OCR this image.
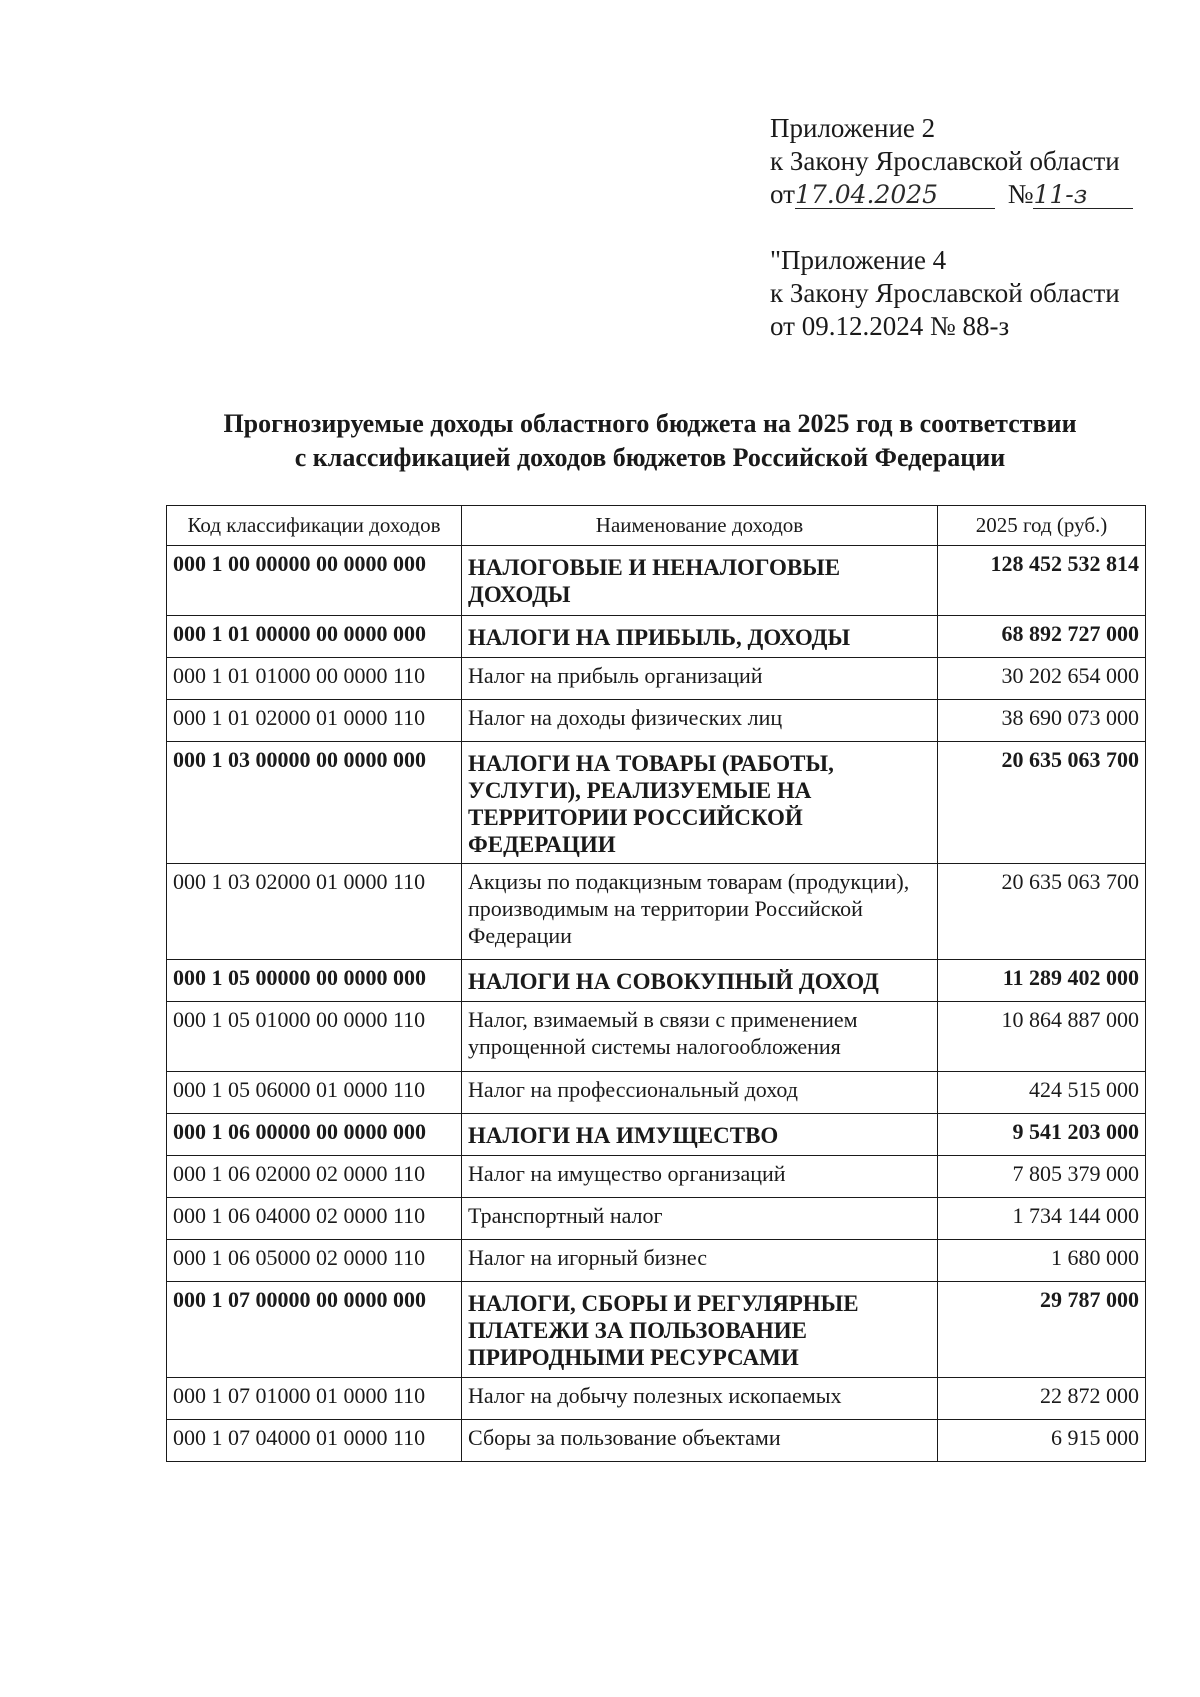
Приложение 2
к Закону Ярославской области
от17.04.2025	№11-з
"Приложение 4
к Закону Ярославской области
от 09.12.2024 № 88-з
Прогнозируемые доходы областного бюджета на 2025 год в соответствии
с классификацией доходов бюджетов Российской Федерации
Код классификации доходов	Наименование доходов	2025 год (руб.)
000 1 00 00000 00 0000 000	НАЛОГОВЫЕ И НЕНАЛОГОВЫЕ ДОХОДЫ	128 452 532 814
000 1 01 00000 00 0000 000	НАЛОГИ НА ПРИБЫЛЬ, ДОХОДЫ	68 892 727 000
000 1 01 01000 00 0000 110	Налог на прибыль организаций	30 202 654 000
000 1 01 02000 01 0000 110	Налог на доходы физических лиц	38 690 073 000
000 1 03 00000 00 0000 000	НАЛОГИ НА ТОВАРЫ (РАБОТЫ, УСЛУГИ), РЕАЛИЗУЕМЫЕ НА ТЕРРИТОРИИ РОССИЙСКОЙ ФЕДЕРАЦИИ	20 635 063 700
000 1 03 02000 01 0000 110	Акцизы по подакцизным товарам (продукции), производимым на территории Российской Федерации	20 635 063 700
000 1 05 00000 00 0000 000	НАЛОГИ НА СОВОКУПНЫЙ ДОХОД	11 289 402 000
000 1 05 01000 00 0000 110	Налог, взимаемый в связи с применением упрощенной системы налогообложения	10 864 887 000
000 1 05 06000 01 0000 110	Налог на профессиональный доход	424 515 000
000 1 06 00000 00 0000 000	НАЛОГИ НА ИМУЩЕСТВО	9 541 203 000
000 1 06 02000 02 0000 110	Налог на имущество организаций	7 805 379 000
000 1 06 04000 02 0000 110	Транспортный налог	1 734 144 000
000 1 06 05000 02 0000 110	Налог на игорный бизнес	1 680 000
000 1 07 00000 00 0000 000	НАЛОГИ, СБОРЫ И РЕГУЛЯРНЫЕ ПЛАТЕЖИ ЗА ПОЛЬЗОВАНИЕ ПРИРОДНЫМИ РЕСУРСАМИ	29 787 000
000 1 07 01000 01 0000 110	Налог на добычу полезных ископаемых	22 872 000
000 1 07 04000 01 0000 110	Сборы за пользование объектами	6 915 000
